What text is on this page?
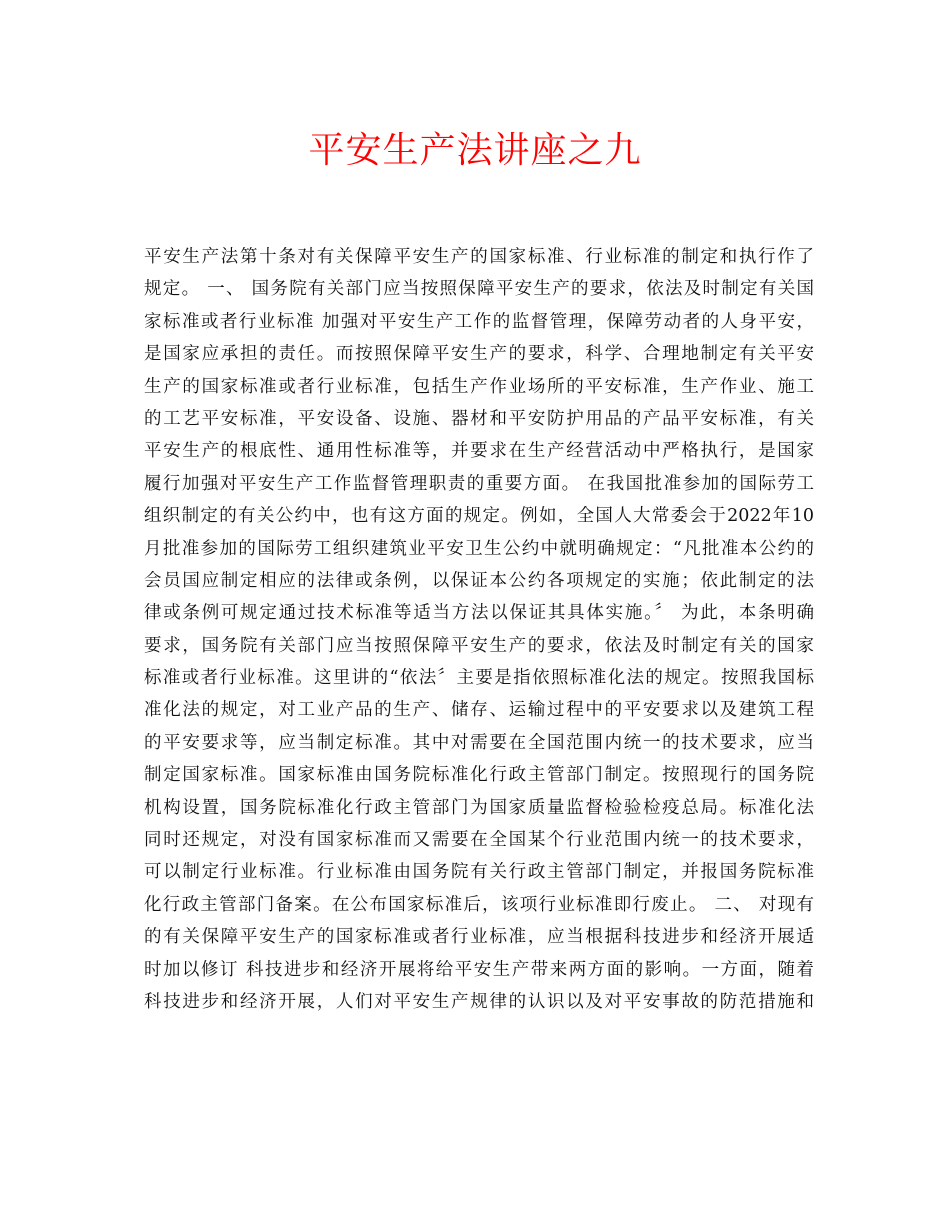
平安生产法讲座之九
平安生产法第十条对有关保障平安生产的国家标准、行业标准的制定和执行作了
规定。 一、 国务院有关部门应当按照保障平安生产的要求，依法及时制定有关国
家标准或者行业标准 加强对平安生产工作的监督管理，保障劳动者的人身平安，
是国家应承担的责任。而按照保障平安生产的要求，科学、合理地制定有关平安
生产的国家标准或者行业标准，包括生产作业场所的平安标准，生产作业、施工
的工艺平安标准，平安设备、设施、器材和平安防护用品的产品平安标准，有关
平安生产的根底性、通用性标准等，并要求在生产经营活动中严格执行，是国家
履行加强对平安生产工作监督管理职责的重要方面。 在我国批准参加的国际劳工
组织制定的有关公约中，也有这方面的规定。例如，全国人大常委会于2022年10
月批准参加的国际劳工组织建筑业平安卫生公约中就明确规定：“凡批准本公约的
会员国应制定相应的法律或条例，以保证本公约各项规定的实施；依此制定的法
律或条例可规定通过技术标准等适当方法以保证其具体实施。〞 为此，本条明确
要求，国务院有关部门应当按照保障平安生产的要求，依法及时制定有关的国家
标准或者行业标准。这里讲的“依法〞主要是指依照标准化法的规定。按照我国标
准化法的规定，对工业产品的生产、储存、运输过程中的平安要求以及建筑工程
的平安要求等，应当制定标准。其中对需要在全国范围内统一的技术要求，应当
制定国家标准。国家标准由国务院标准化行政主管部门制定。按照现行的国务院
机构设置，国务院标准化行政主管部门为国家质量监督检验检疫总局。标准化法
同时还规定，对没有国家标准而又需要在全国某个行业范围内统一的技术要求，
可以制定行业标准。行业标准由国务院有关行政主管部门制定，并报国务院标准
化行政主管部门备案。在公布国家标准后，该项行业标准即行废止。 二、 对现有
的有关保障平安生产的国家标准或者行业标准，应当根据科技进步和经济开展适
时加以修订 科技进步和经济开展将给平安生产带来两方面的影响。一方面，随着
科技进步和经济开展，人们对平安生产规律的认识以及对平安事故的防范措施和
